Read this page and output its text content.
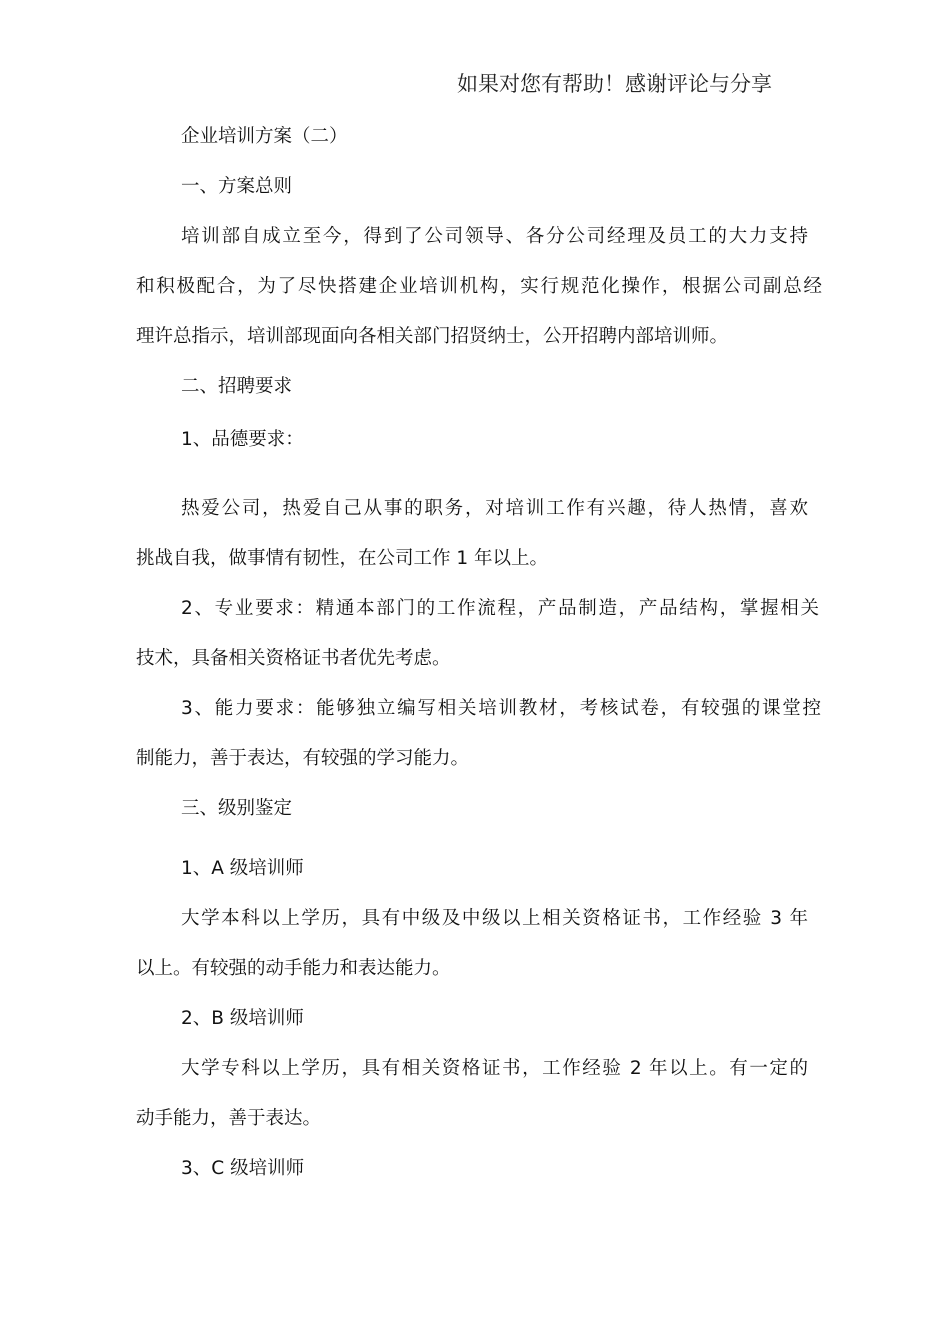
如果对您有帮助！感谢评论与分享
企业培训方案（二）
一、方案总则
培训部自成立至今，得到了公司领导、各分公司经理及员工的大力支持
和积极配合，为了尽快搭建企业培训机构，实行规范化操作，根据公司副总经
理许总指示，培训部现面向各相关部门招贤纳士，公开招聘内部培训师。
二、招聘要求
1、品德要求：
热爱公司，热爱自己从事的职务，对培训工作有兴趣，待人热情，喜欢
挑战自我，做事情有韧性，在公司工作 1 年以上。
2、专业要求：精通本部门的工作流程，产品制造，产品结构，掌握相关
技术，具备相关资格证书者优先考虑。
3、能力要求：能够独立编写相关培训教材，考核试卷，有较强的课堂控
制能力，善于表达，有较强的学习能力。
三、级别鉴定
1、A 级培训师
大学本科以上学历，具有中级及中级以上相关资格证书，工作经验 3 年
以上。有较强的动手能力和表达能力。
2、B 级培训师
大学专科以上学历，具有相关资格证书，工作经验 2 年以上。有一定的
动手能力，善于表达。
3、C 级培训师
